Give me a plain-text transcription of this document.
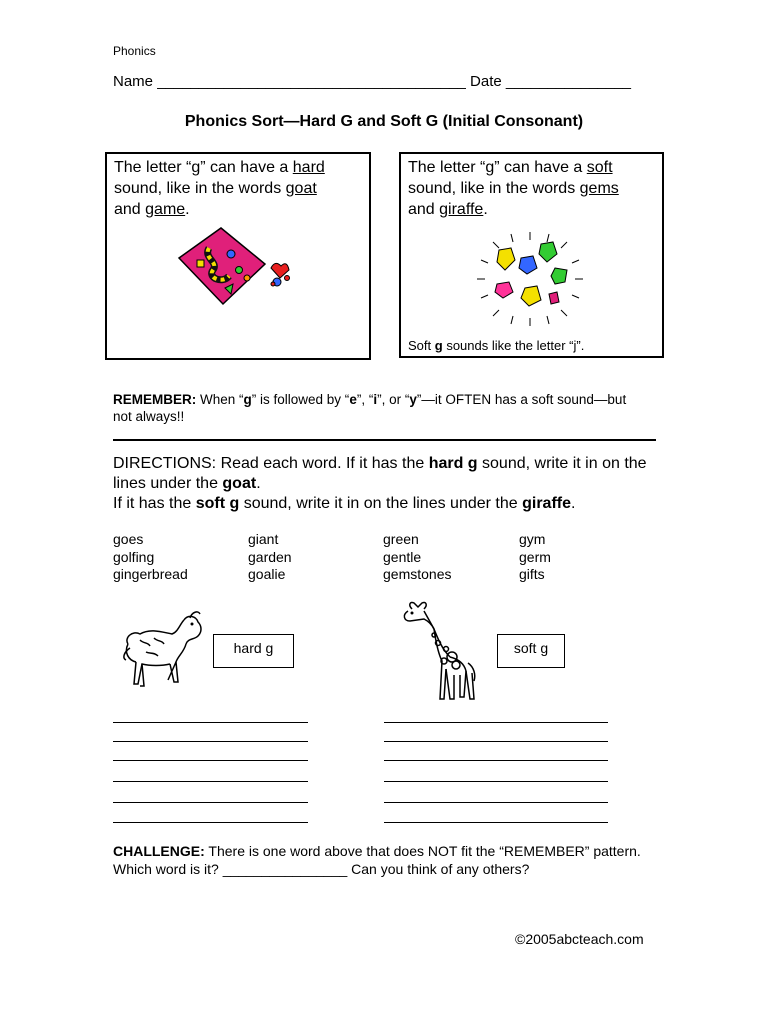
Phonics
Name _____________________________________ Date _______________
Phonics Sort—Hard G and Soft G (Initial Consonant)
The letter “g” can have a hard
sound, like in the words goat
and game.
The letter “g” can have a soft
sound, like in the words gems
and giraffe.
Soft g sounds like the letter “j”.
REMEMBER: When “g” is followed by “e”, “i”, or “y”—it OFTEN has a soft sound—but not always!!
DIRECTIONS: Read each word. If it has the hard g sound, write it in on the lines under the goat.
If it has the soft g sound, write it in on the lines under the giraffe.
goes
golfing
gingerbread
giant
garden
goalie
green
gentle
gemstones
gym
germ
gifts
hard g	soft g
CHALLENGE: There is one word above that does NOT fit the “REMEMBER” pattern. Which word is it? ________________ Can you think of any others?
©2005abcteach.com
